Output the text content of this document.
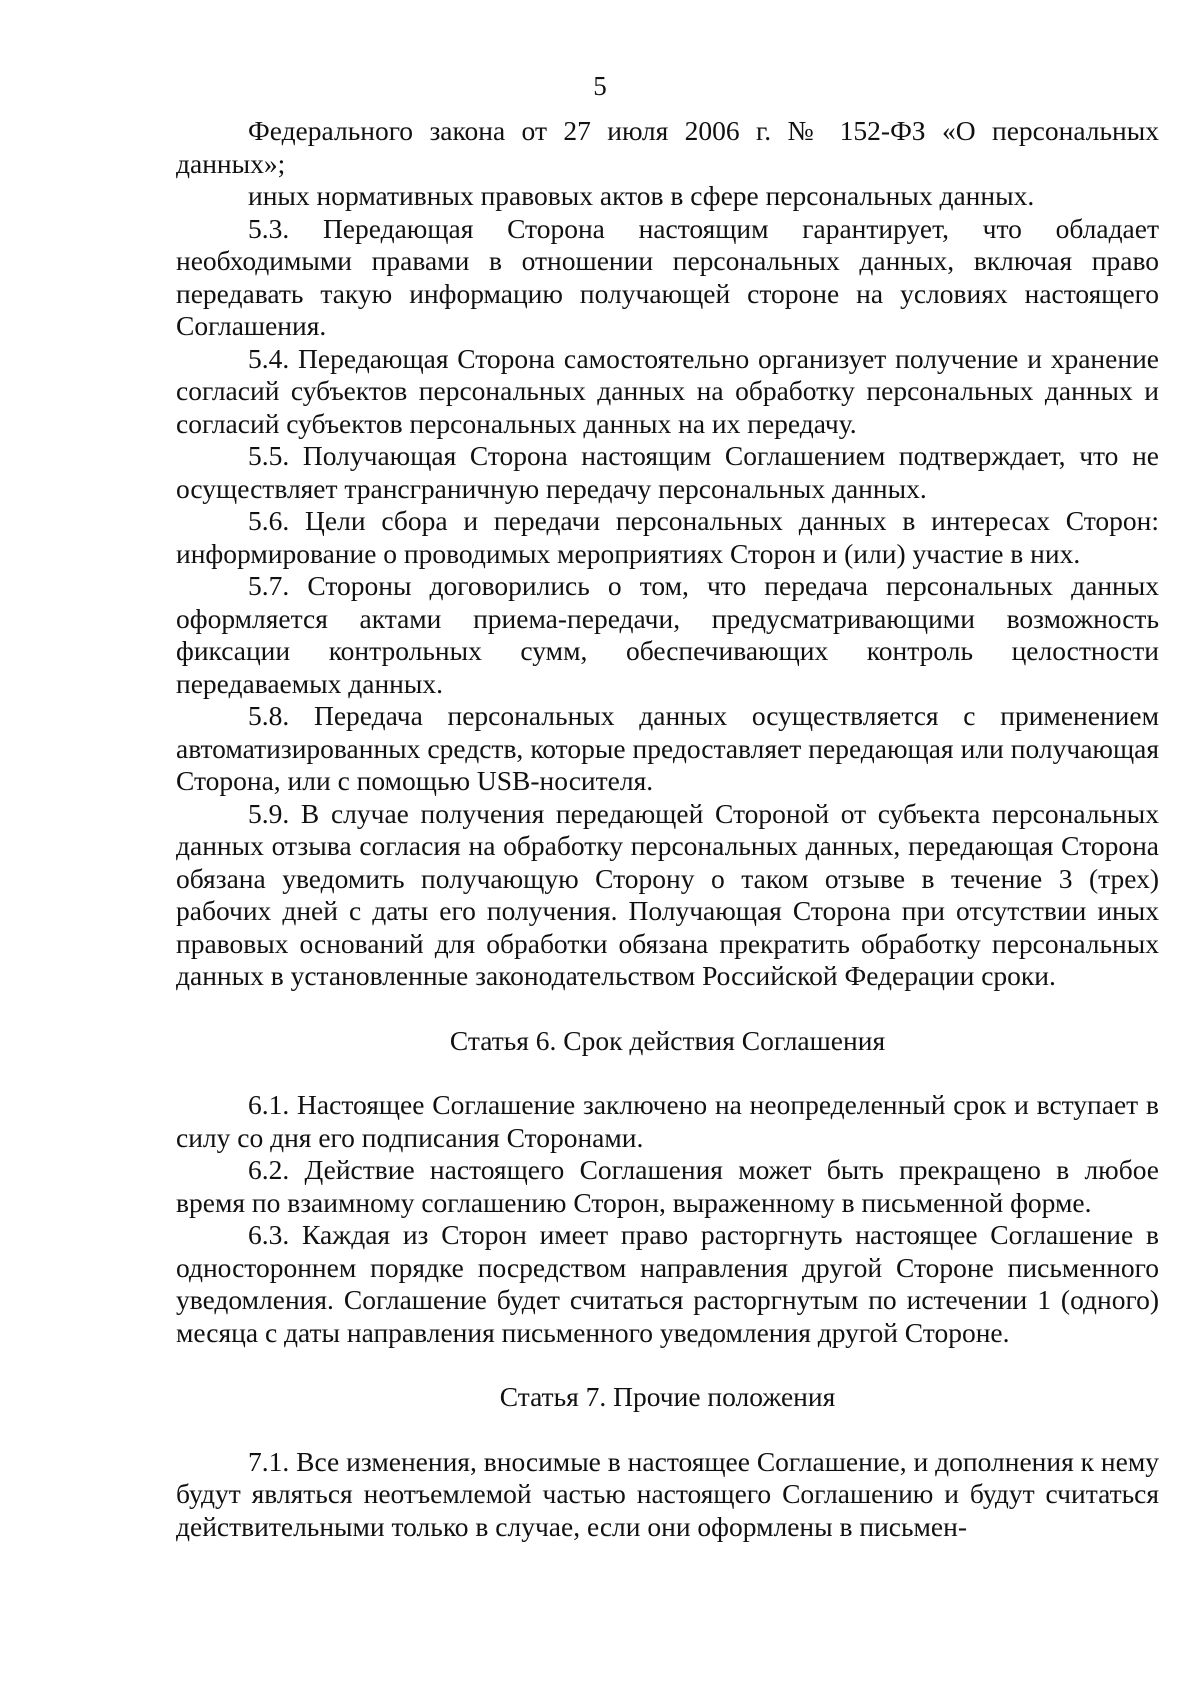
5

Федерального закона от 27 июля 2006 г. № 152-ФЗ «О персональных данных»;

иных нормативных правовых актов в сфере персональных данных.

5.3. Передающая Сторона настоящим гарантирует, что обладает необходимыми правами в отношении персональных данных, включая право передавать такую информацию получающей стороне на условиях настоящего Соглашения.

5.4. Передающая Сторона самостоятельно организует получение и хранение согласий субъектов персональных данных на обработку персональных данных и согласий субъектов персональных данных на их передачу.

5.5. Получающая Сторона настоящим Соглашением подтверждает, что не осуществляет трансграничную передачу персональных данных.

5.6. Цели сбора и передачи персональных данных в интересах Сторон: информирование о проводимых мероприятиях Сторон и (или) участие в них.

5.7. Стороны договорились о том, что передача персональных данных оформляется актами приема-передачи, предусматривающими возможность фиксации контрольных сумм, обеспечивающих контроль целостности передаваемых данных.

5.8. Передача персональных данных осуществляется с применением автоматизированных средств, которые предоставляет передающая или получающая Сторона, или с помощью USB-носителя.

5.9. В случае получения передающей Стороной от субъекта персональных данных отзыва согласия на обработку персональных данных, передающая Сторона обязана уведомить получающую Сторону о таком отзыве в течение 3 (трех) рабочих дней с даты его получения. Получающая Сторона при отсутствии иных правовых оснований для обработки обязана прекратить обработку персональных данных в установленные законодательством Российской Федерации сроки.

Статья 6. Срок действия Соглашения

6.1. Настоящее Соглашение заключено на неопределенный срок и вступает в силу со дня его подписания Сторонами.

6.2. Действие настоящего Соглашения может быть прекращено в любое время по взаимному соглашению Сторон, выраженному в письменной форме.

6.3. Каждая из Сторон имеет право расторгнуть настоящее Соглашение в одностороннем порядке посредством направления другой Стороне письменного уведомления. Соглашение будет считаться расторгнутым по истечении 1 (одного) месяца с даты направления письменного уведомления другой Стороне.

Статья 7. Прочие положения

7.1. Все изменения, вносимые в настоящее Соглашение, и дополнения к нему будут являться неотъемлемой частью настоящего Соглашению и будут считаться действительными только в случае, если они оформлены в письмен-
